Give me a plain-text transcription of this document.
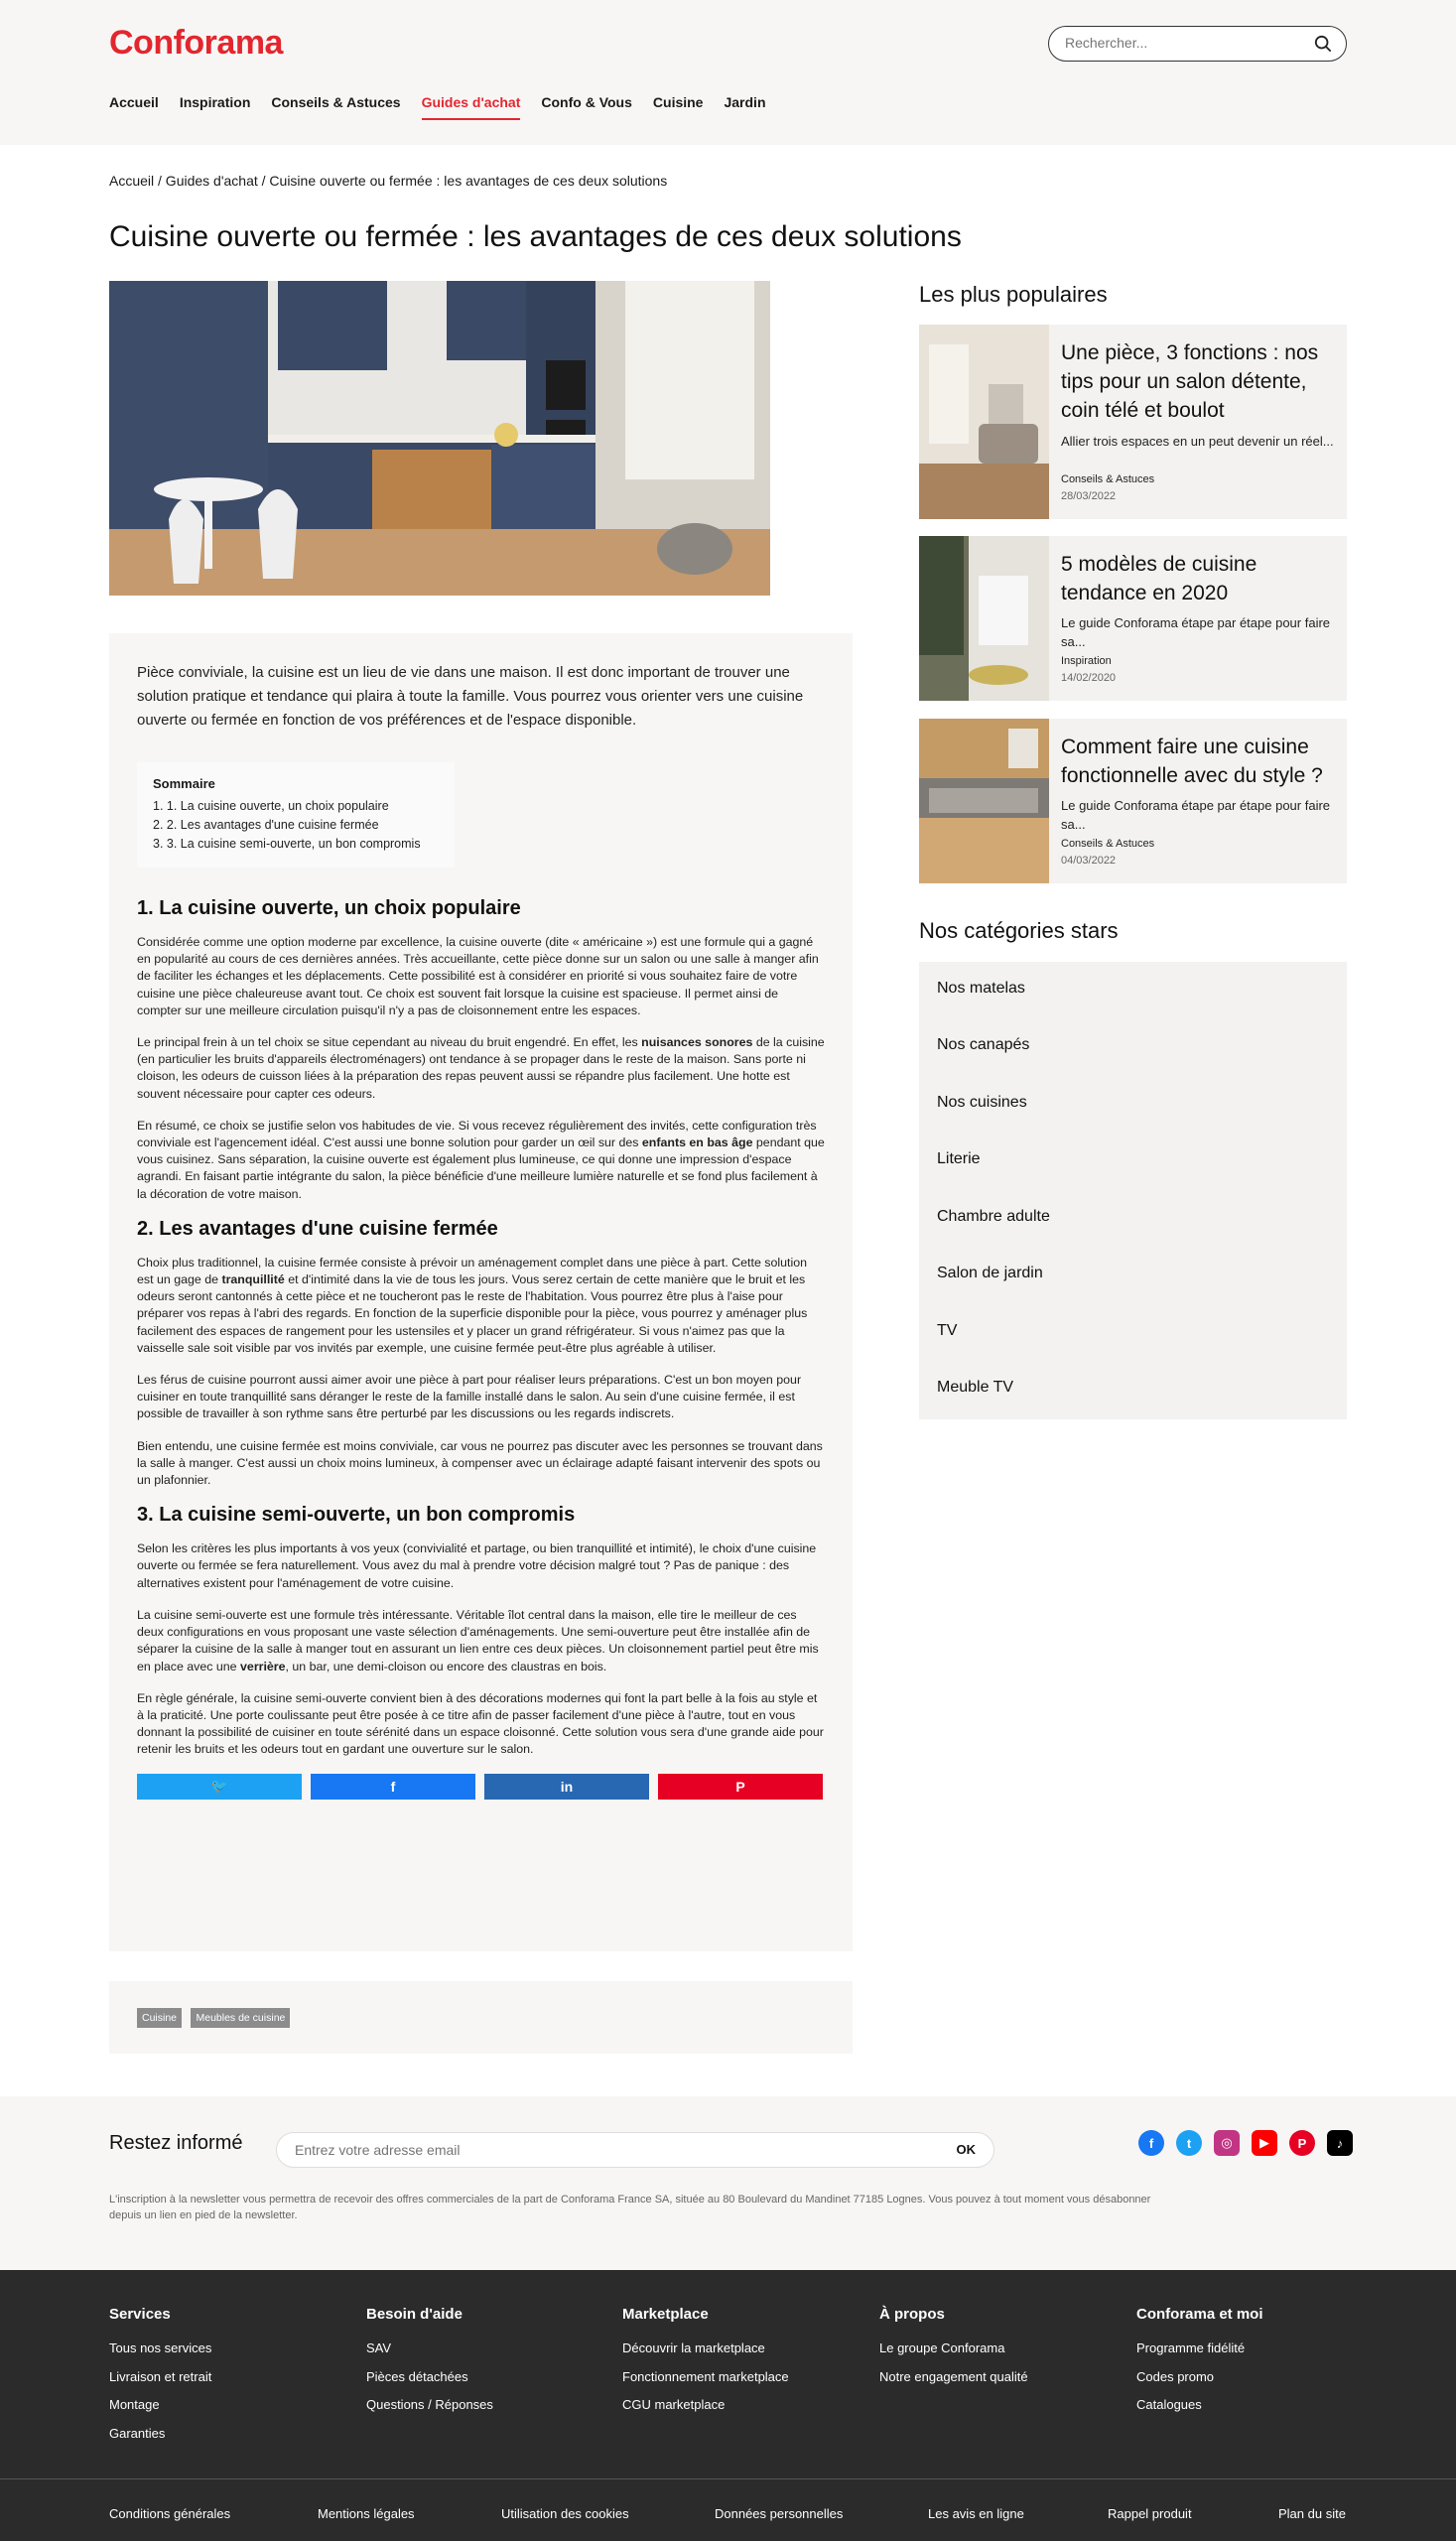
Conforama
Rechercher...
Accueil Inspiration Conseils & Astuces Guides d'achat Confo & Vous Cuisine Jardin
Accueil / Guides d'achat / Cuisine ouverte ou fermée : les avantages de ces deux solutions
Cuisine ouverte ou fermée : les avantages de ces deux solutions

Pièce conviviale, la cuisine est un lieu de vie dans une maison. Il est donc important de trouver une solution pratique et tendance qui plaira à toute la famille. Vous pourrez vous orienter vers une cuisine ouverte ou fermée en fonction de vos préférences et de l'espace disponible.

Sommaire
1. 1. La cuisine ouverte, un choix populaire
2. 2. Les avantages d'une cuisine fermée
3. 3. La cuisine semi-ouverte, un bon compromis
1. La cuisine ouverte, un choix populaire

Considérée comme une option moderne par excellence, la cuisine ouverte (dite « américaine ») est une formule qui a gagné en popularité au cours de ces dernières années. Très accueillante, cette pièce donne sur un salon ou une salle à manger afin de faciliter les échanges et les déplacements. Cette possibilité est à considérer en priorité si vous souhaitez faire de votre cuisine une pièce chaleureuse avant tout. Ce choix est souvent fait lorsque la cuisine est spacieuse. Il permet ainsi de compter sur une meilleure circulation puisqu'il n'y a pas de cloisonnement entre les espaces.

Le principal frein à un tel choix se situe cependant au niveau du bruit engendré. En effet, les nuisances sonores de la cuisine (en particulier les bruits d'appareils électroménagers) ont tendance à se propager dans le reste de la maison. Sans porte ni cloison, les odeurs de cuisson liées à la préparation des repas peuvent aussi se répandre plus facilement. Une hotte est souvent nécessaire pour capter ces odeurs.

En résumé, ce choix se justifie selon vos habitudes de vie. Si vous recevez régulièrement des invités, cette configuration très conviviale est l'agencement idéal. C'est aussi une bonne solution pour garder un œil sur des enfants en bas âge pendant que vous cuisinez. Sans séparation, la cuisine ouverte est également plus lumineuse, ce qui donne une impression d'espace agrandi. En faisant partie intégrante du salon, la pièce bénéficie d'une meilleure lumière naturelle et se fond plus facilement à la décoration de votre maison.

2. Les avantages d'une cuisine fermée

Choix plus traditionnel, la cuisine fermée consiste à prévoir un aménagement complet dans une pièce à part. Cette solution est un gage de tranquillité et d'intimité dans la vie de tous les jours. Vous serez certain de cette manière que le bruit et les odeurs seront cantonnés à cette pièce et ne toucheront pas le reste de l'habitation. Vous pourrez être plus à l'aise pour préparer vos repas à l'abri des regards. En fonction de la superficie disponible pour la pièce, vous pourrez y aménager plus facilement des espaces de rangement pour les ustensiles et y placer un grand réfrigérateur. Si vous n'aimez pas que la vaisselle sale soit visible par vos invités par exemple, une cuisine fermée peut-être plus agréable à utiliser.

Les férus de cuisine pourront aussi aimer avoir une pièce à part pour réaliser leurs préparations. C'est un bon moyen pour cuisiner en toute tranquillité sans déranger le reste de la famille installé dans le salon. Au sein d'une cuisine fermée, il est possible de travailler à son rythme sans être perturbé par les discussions ou les regards indiscrets.

Bien entendu, une cuisine fermée est moins conviviale, car vous ne pourrez pas discuter avec les personnes se trouvant dans la salle à manger. C'est aussi un choix moins lumineux, à compenser avec un éclairage adapté faisant intervenir des spots ou un plafonnier.

3. La cuisine semi-ouverte, un bon compromis

Selon les critères les plus importants à vos yeux (convivialité et partage, ou bien tranquillité et intimité), le choix d'une cuisine ouverte ou fermée se fera naturellement. Vous avez du mal à prendre votre décision malgré tout ? Pas de panique : des alternatives existent pour l'aménagement de votre cuisine.

La cuisine semi-ouverte est une formule très intéressante. Véritable îlot central dans la maison, elle tire le meilleur de ces deux configurations en vous proposant une vaste sélection d'aménagements. Une semi-ouverture peut être installée afin de séparer la cuisine de la salle à manger tout en assurant un lien entre ces deux pièces. Un cloisonnement partiel peut être mis en place avec une verrière, un bar, une demi-cloison ou encore des claustras en bois.

En règle générale, la cuisine semi-ouverte convient bien à des décorations modernes qui font la part belle à la fois au style et à la praticité. Une porte coulissante peut être posée à ce titre afin de passer facilement d'une pièce à l'autre, tout en vous donnant la possibilité de cuisiner en toute sérénité dans un espace cloisonné. Cette solution vous sera d'une grande aide pour retenir les bruits et les odeurs tout en gardant une ouverture sur le salon.

🐦	f	in	P
Cuisine Meubles de cuisine
Les plus populaires
Une pièce, 3 fonctions : nos tips pour un salon détente, coin télé et boulot
Allier trois espaces en un peut devenir un réel...
Conseils & Astuces
28/03/2022
5 modèles de cuisine tendance en 2020
Le guide Conforama étape par étape pour faire sa...
Inspiration
14/02/2020
Comment faire une cuisine fonctionnelle avec du style ?
Le guide Conforama étape par étape pour faire sa...
Conseils & Astuces
04/03/2022
Nos catégories stars
Nos matelas
Nos canapés
Nos cuisines
Literie
Chambre adulte
Salon de jardin
TV
Meuble TV
Restez informé
Entrez votre adresse email	OK	f	t	◎	▶	P	♪
L'inscription à la newsletter vous permettra de recevoir des offres commerciales de la part de Conforama France SA, située au 80 Boulevard du Mandinet 77185 Lognes. Vous pouvez à tout moment vous désabonner depuis un lien en pied de la newsletter.
Services
Tous nos services
Livraison et retrait
Montage
Garanties
Besoin d'aide
SAV
Pièces détachées
Questions / Réponses
Marketplace
Découvrir la marketplace
Fonctionnement marketplace
CGU marketplace
À propos
Le groupe Conforama
Notre engagement qualité
Conforama et moi
Programme fidélité
Codes promo
Catalogues
Conditions générales	Mentions légales	Utilisation des cookies	Données personnelles	Les avis en ligne	Rappel produit	Plan du site
